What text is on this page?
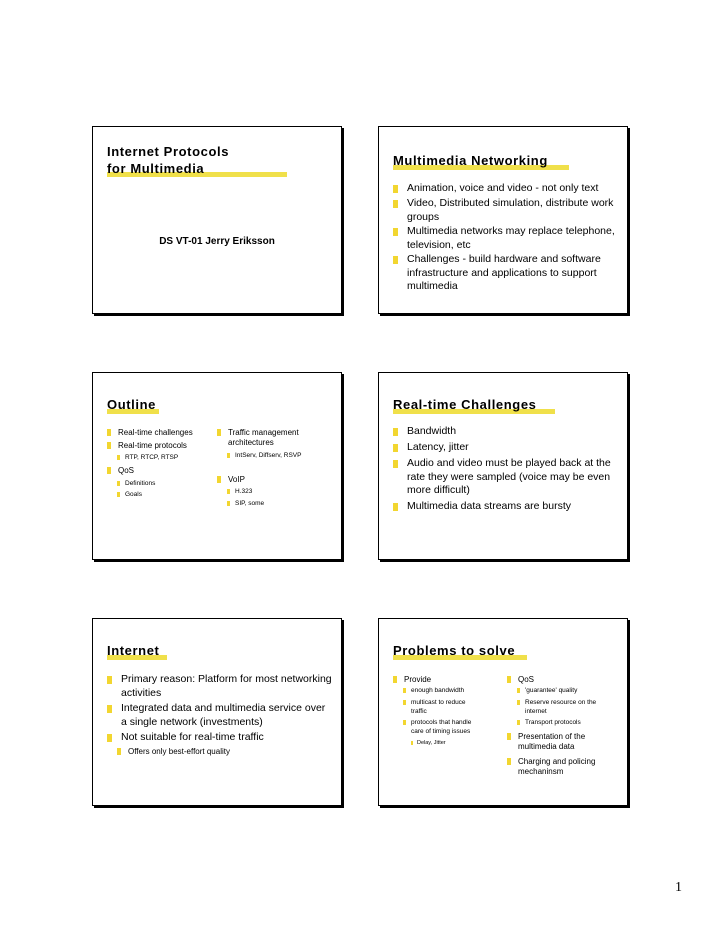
Internet Protocols
for Multimedia
DS VT-01 Jerry Eriksson
Multimedia Networking
Animation, voice and video - not only text
Video, Distributed simulation, distribute work groups
Multimedia networks may replace telephone, television, etc
Challenges - build hardware and software infrastructure and applications to support multimedia
Outline
Real-time challenges
Real-time protocols
RTP, RTCP, RTSP
QoS
Definitions
Goals
Traffic management architectures
IntServ, Diffserv, RSVP
VoIP
H.323
SIP, some
Real-time Challenges
Bandwidth
Latency, jitter
Audio and video must be played back at the rate they were sampled (voice may be even more difficult)
Multimedia data streams are bursty
Internet
Primary reason: Platform for most networking activities
Integrated data and multimedia service over a single network (investments)
Not suitable for real-time traffic
Offers only best-effort quality
Problems to solve
Provide
enough bandwidth
multicast to reduce traffic
protocols that handle care of timing issues
Delay, Jitter
QoS
'guarantee' quality
Reserve resource on the internet
Transport protocols
Presentation of the multimedia data
Charging and policing mechaninsm
1
